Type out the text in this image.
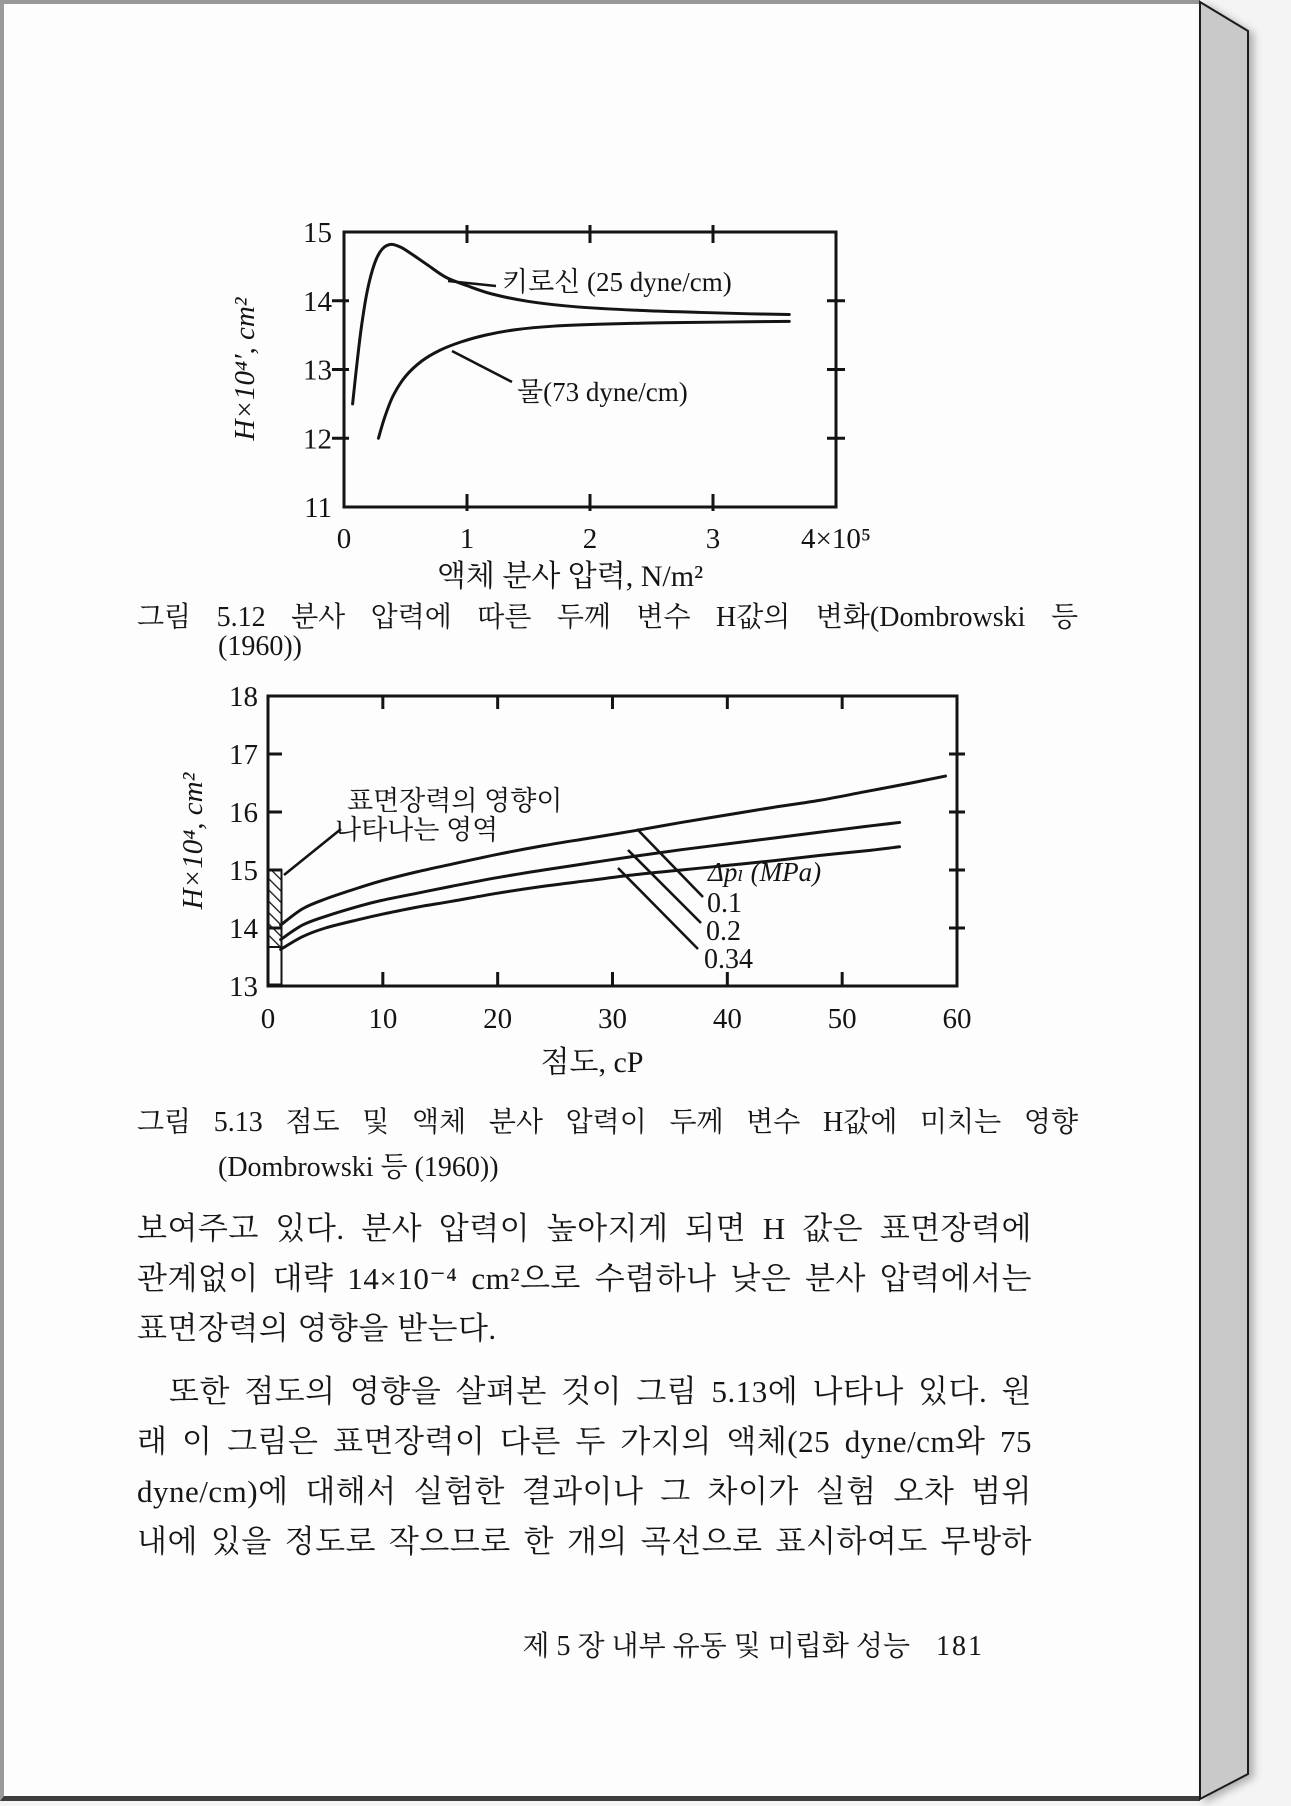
0	1	2	3	4×10⁵
11
12
13
14
15
액체 분사 압력, N/m²
H×10⁴′, cm²
키로신 (25 dyne/cm)
물(73 dyne/cm)
0	10	20	30	40	50	60
13
14
15
16
17
18
점도, cP
H×10⁴, cm²	표면장력의 영향이
나타나는 영역
Δpₗ (MPa)
0.1
0.2
0.34
그림 5.12 분사 압력에 따른 두께 변수 H값의 변화(Dombrowski 등
(1960))
그림 5.13 점도 및 액체 분사 압력이 두께 변수 H값에 미치는 영향
(Dombrowski 등 (1960))
보여주고 있다. 분사 압력이 높아지게 되면 H 값은 표면장력에
관계없이 대략 14×10⁻⁴ cm²으로 수렴하나 낮은 분사 압력에서는
표면장력의 영향을 받는다.
또한 점도의 영향을 살펴본 것이 그림 5.13에 나타나 있다. 원
래 이 그림은 표면장력이 다른 두 가지의 액체(25 dyne/cm와 75
dyne/cm)에 대해서 실험한 결과이나 그 차이가 실험 오차 범위
내에 있을 정도로 작으므로 한 개의 곡선으로 표시하여도 무방하

제 5 장 내부 유동 및 미립화 성능 181
